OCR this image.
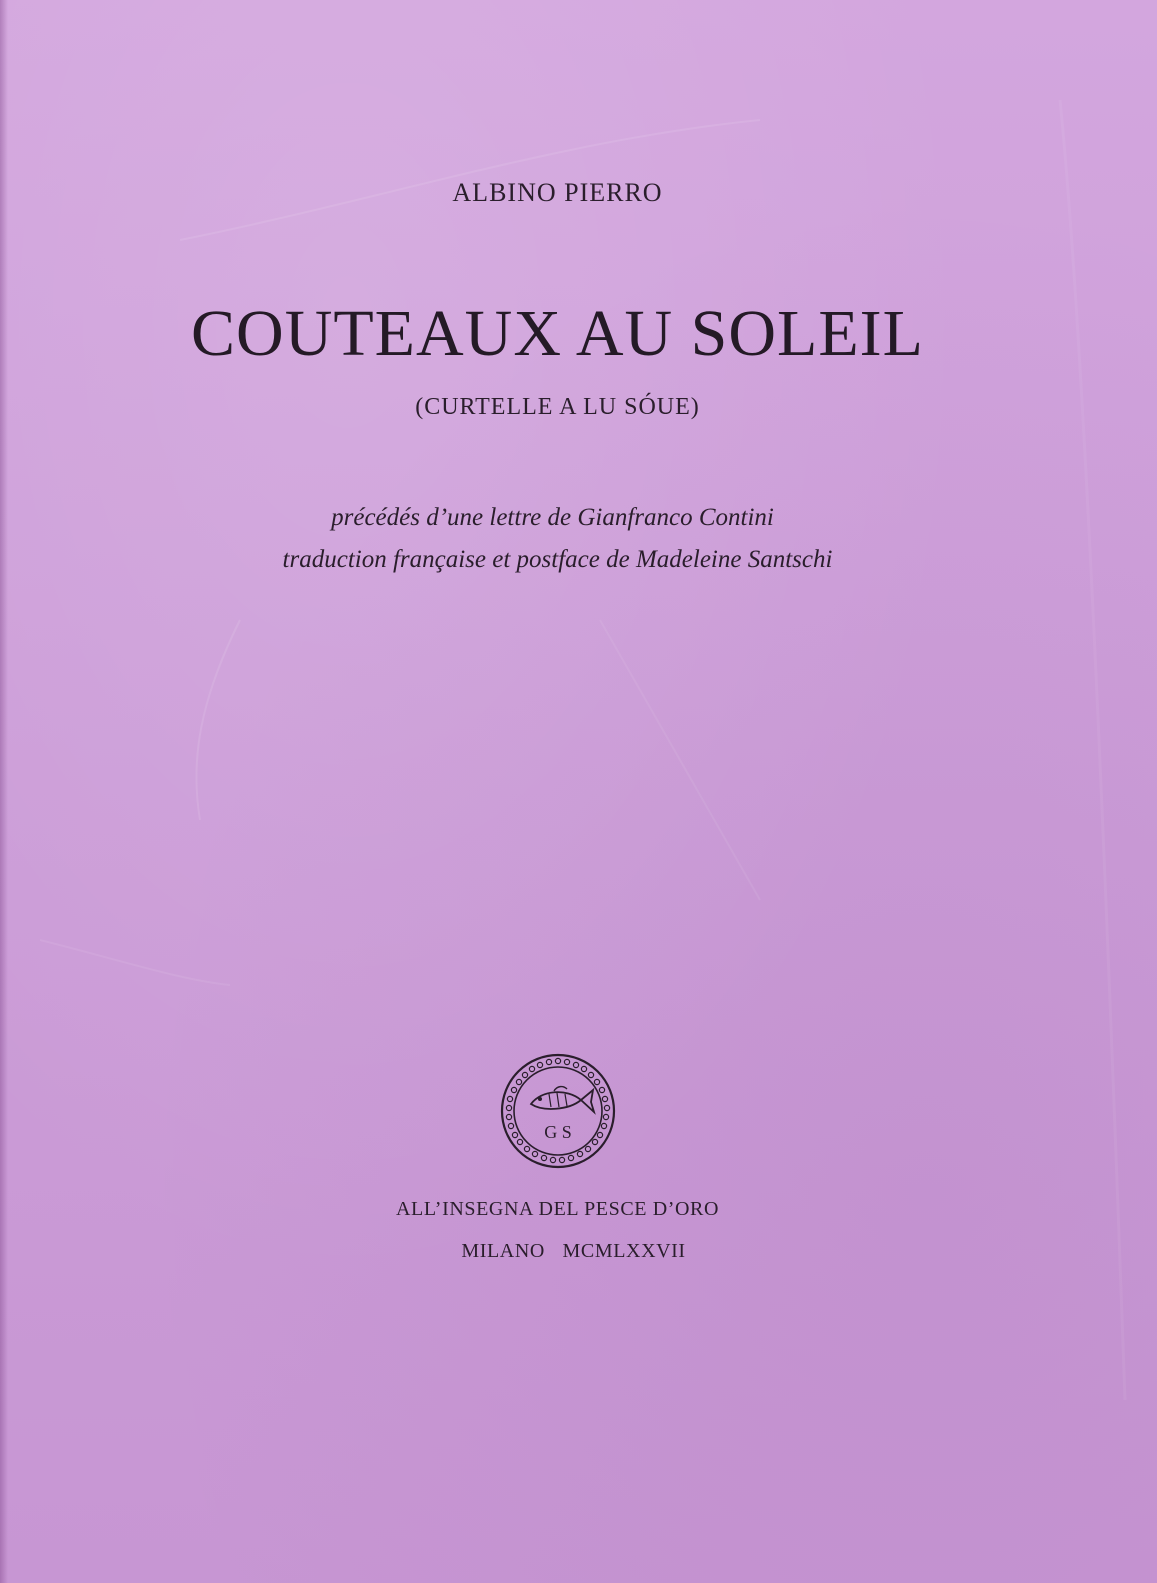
ALBINO PIERRO
COUTEAUX AU SOLEIL
(CURTELLE A LU SÓUE)
précédés d’une lettre de Gianfranco Contini
traduction française et postface de Madeleine Santschi
G S
ALL’INSEGNA DEL PESCE D’ORO
MILANO MCMLXXVII
